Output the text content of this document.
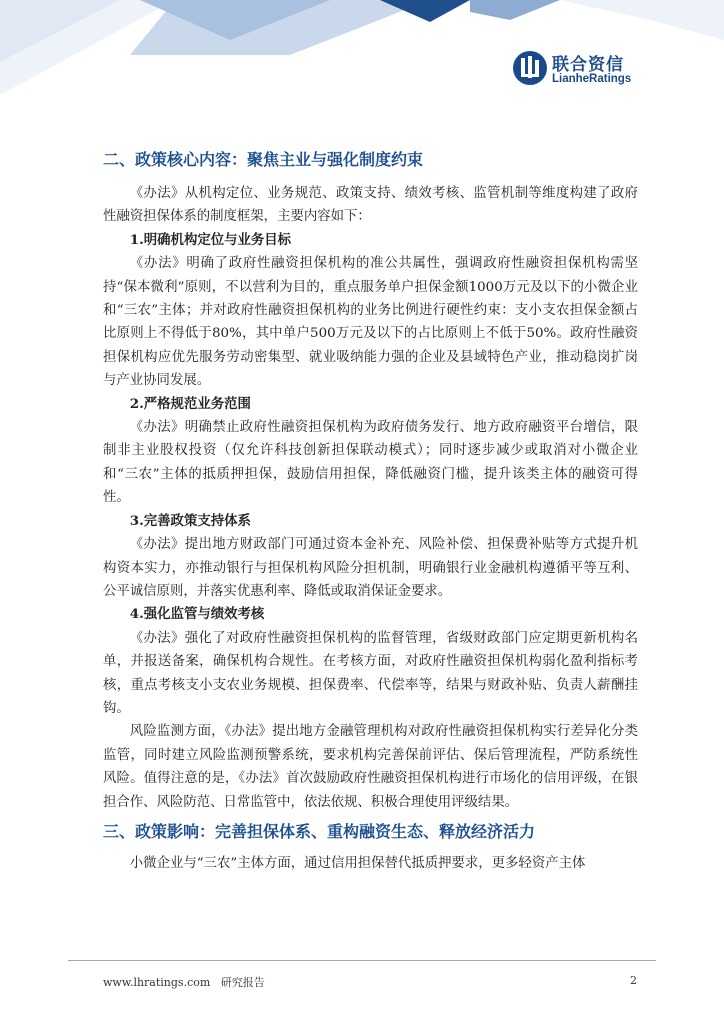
联合资信
LianheRatings
二、政策核心内容：聚焦主业与强化制度约束

《办法》从机构定位、业务规范、政策支持、绩效考核、监管机制等维度构建了政府性融资担保体系的制度框架，主要内容如下：

1.明确机构定位与业务目标

《办法》明确了政府性融资担保机构的准公共属性，强调政府性融资担保机构需坚持“保本微利”原则，不以营利为目的，重点服务单户担保金额1000万元及以下的小微企业和“三农”主体；并对政府性融资担保机构的业务比例进行硬性约束：支小支农担保金额占比原则上不得低于80%，其中单户500万元及以下的占比原则上不低于50%。政府性融资担保机构应优先服务劳动密集型、就业吸纳能力强的企业及县域特色产业，推动稳岗扩岗与产业协同发展。

2.严格规范业务范围

《办法》明确禁止政府性融资担保机构为政府债务发行、地方政府融资平台增信，限制非主业股权投资（仅允许科技创新担保联动模式）；同时逐步减少或取消对小微企业和“三农”主体的抵质押担保，鼓励信用担保，降低融资门槛，提升该类主体的融资可得性。

3.完善政策支持体系

《办法》提出地方财政部门可通过资本金补充、风险补偿、担保费补贴等方式提升机构资本实力，亦推动银行与担保机构风险分担机制，明确银行业金融机构遵循平等互利、公平诚信原则，并落实优惠利率、降低或取消保证金要求。

4.强化监管与绩效考核

《办法》强化了对政府性融资担保机构的监督管理，省级财政部门应定期更新机构名单，并报送备案，确保机构合规性。在考核方面，对政府性融资担保机构弱化盈利指标考核，重点考核支小支农业务规模、担保费率、代偿率等，结果与财政补贴、负责人薪酬挂钩。

风险监测方面，《办法》提出地方金融管理机构对政府性融资担保机构实行差异化分类监管，同时建立风险监测预警系统，要求机构完善保前评估、保后管理流程，严防系统性风险。值得注意的是，《办法》首次鼓励政府性融资担保机构进行市场化的信用评级，在银担合作、风险防范、日常监管中，依法依规、积极合理使用评级结果。

三、政策影响：完善担保体系、重构融资生态、释放经济活力

小微企业与“三农”主体方面，通过信用担保替代抵质押要求，更多轻资产主体

www.lhratings.com 研究报告	2
